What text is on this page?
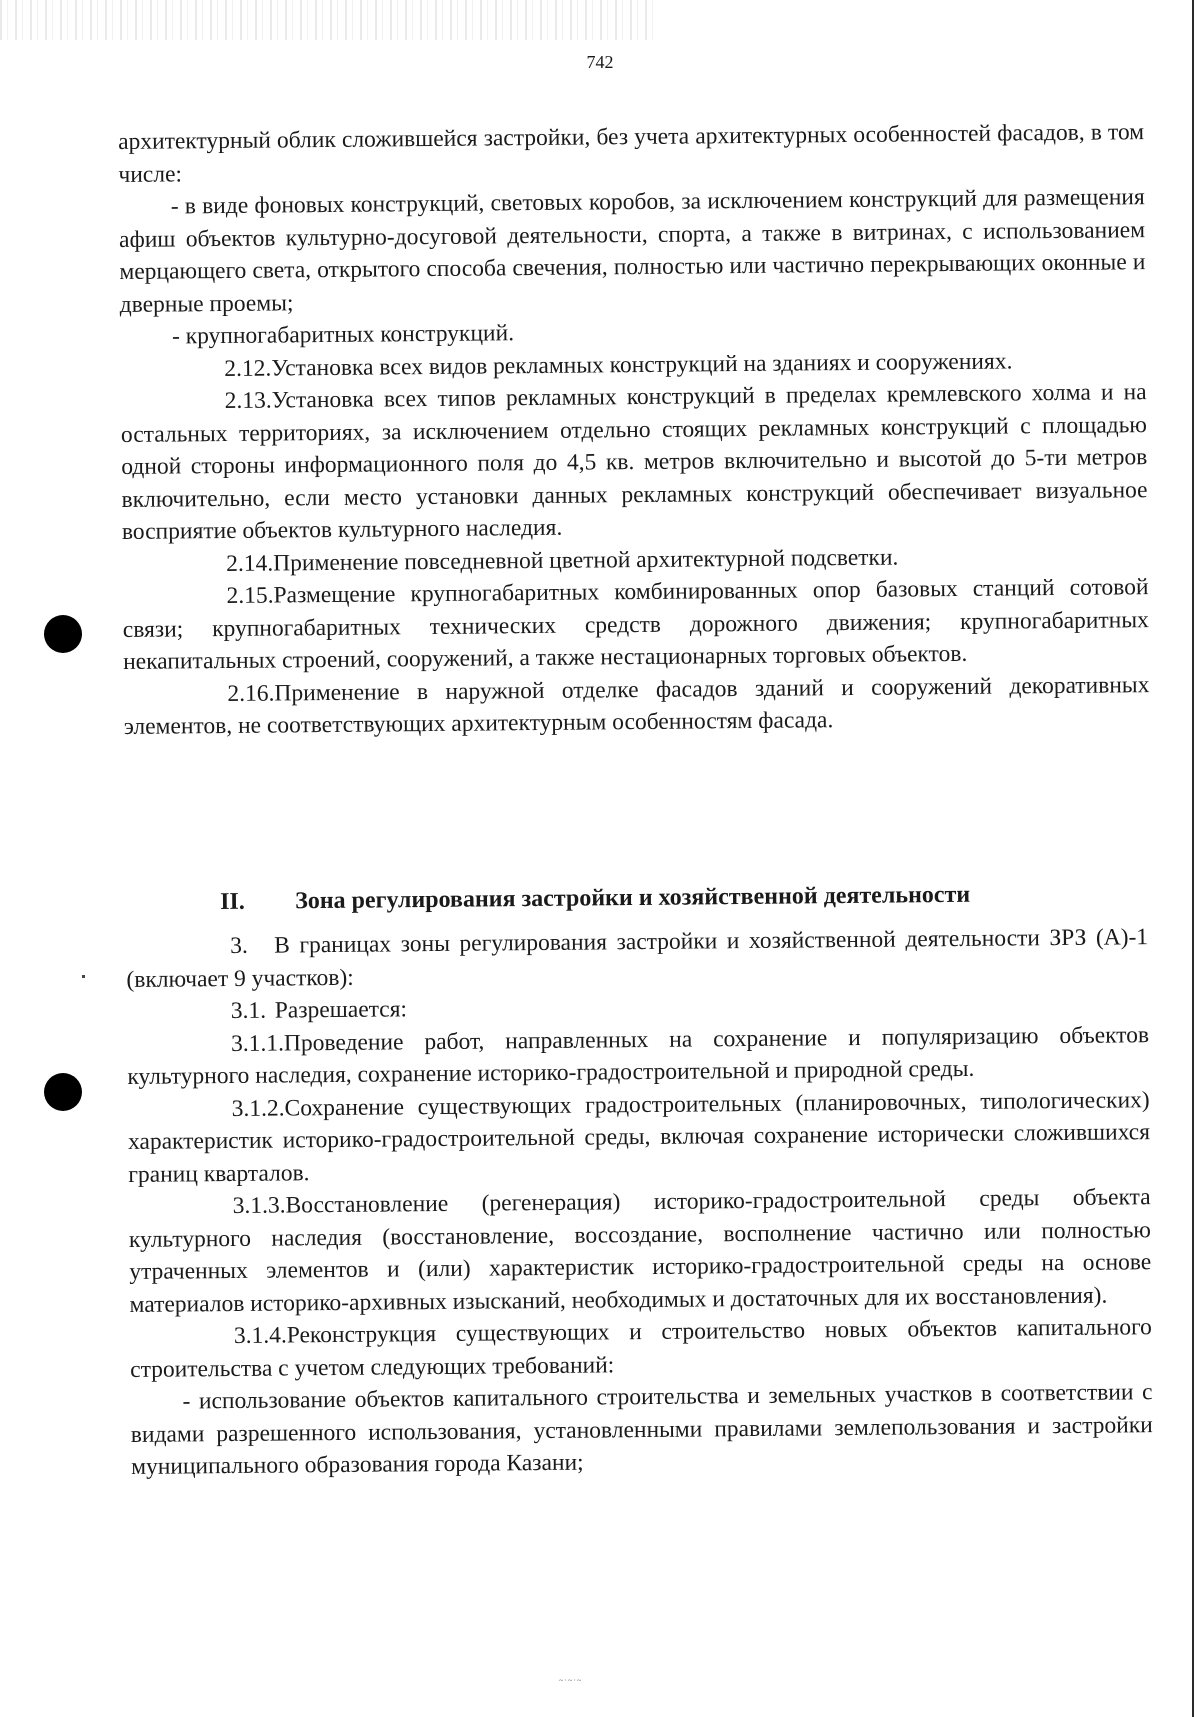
742

архитектурный облик сложившейся застройки, без учета архитектурных особенностей фасадов, в том числе:

- в виде фоновых конструкций, световых коробов, за исключением конструкций для размещения афиш объектов культурно-досуговой деятельности, спорта, а также в витринах, с использованием мерцающего света, открытого способа свечения, полностью или частично перекрывающих оконные и дверные проемы;

- крупногабаритных конструкций.

2.12.Установка всех видов рекламных конструкций на зданиях и сооружениях.

2.13.Установка всех типов рекламных конструкций в пределах кремлевского холма и на остальных территориях, за исключением отдельно стоящих рекламных конструкций с площадью одной стороны информационного поля до 4,5 кв. метров включительно и высотой до 5-ти метров включительно, если место установки данных рекламных конструкций обеспечивает визуальное восприятие объектов культурного наследия.

2.14.Применение повседневной цветной архитектурной подсветки.

2.15.Размещение крупногабаритных комбинированных опор базовых станций сотовой связи; крупногабаритных технических средств дорожного движения; крупногабаритных некапитальных строений, сооружений, а также нестационарных торговых объектов.

2.16.Применение в наружной отделке фасадов зданий и сооружений декоративных элементов, не соответствующих архитектурным особенностям фасада.

II. Зона регулирования застройки и хозяйственной деятельности

3. В границах зоны регулирования застройки и хозяйственной деятельности ЗРЗ (А)-1 (включает 9 участков):

3.1. Разрешается:

3.1.1.Проведение работ, направленных на сохранение и популяризацию объектов культурного наследия, сохранение историко-градостроительной и природной среды.

3.1.2.Сохранение существующих градостроительных (планировочных, типологических) характеристик историко-градостроительной среды, включая сохранение исторически сложившихся границ кварталов.

3.1.3.Восстановление (регенерация) историко-градостроительной среды объекта культурного наследия (восстановление, воссоздание, восполнение частично или полностью утраченных элементов и (или) характеристик историко-градостроительной среды на основе материалов историко-архивных изысканий, необходимых и достаточных для их восстановления).

3.1.4.Реконструкция существующих и строительство новых объектов капитального строительства с учетом следующих требований:

- использование объектов капитального строительства и земельных участков в соответствии с видами разрешенного использования, установленными правилами землепользования и застройки муниципального образования города Казани;

~·~·~
